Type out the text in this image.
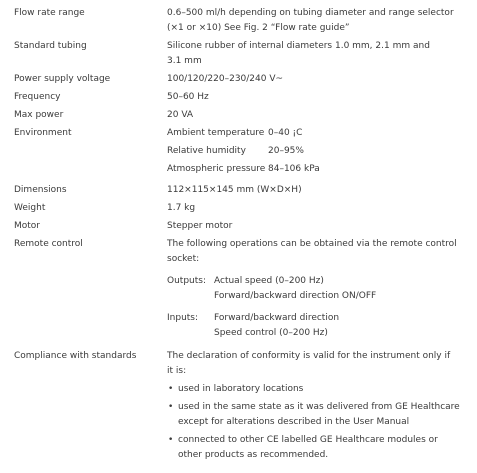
Flow rate range	0.6–500 ml/h depending on tubing diameter and range selector
(×1 or ×10) See Fig. 2 “Flow rate guide”
Standard tubing	Silicone rubber of internal diameters 1.0 mm, 2.1 mm and
3.1 mm
Power supply voltage	100/120/220–230/240 V~
Frequency	50–60 Hz
Max power	20 VA
Environment	Ambient temperature 0–40 ¡C
Relative humidity	20–95%
Atmospheric pressure 84–106 kPa
Dimensions	112×115×145 mm (W×D×H)
Weight	1.7 kg
Motor	Stepper motor
Remote control	The following operations can be obtained via the remote control
socket:
Outputs: Actual speed (0–200 Hz)
Forward/backward direction ON/OFF
Inputs:	Forward/backward direction
Speed control (0–200 Hz)
Compliance with standards	The declaration of conformity is valid for the instrument only if
it is:
• used in laboratory locations
• used in the same state as it was delivered from GE Healthcare
except for alterations described in the User Manual
• connected to other CE labelled GE Healthcare modules or
other products as recommended.
